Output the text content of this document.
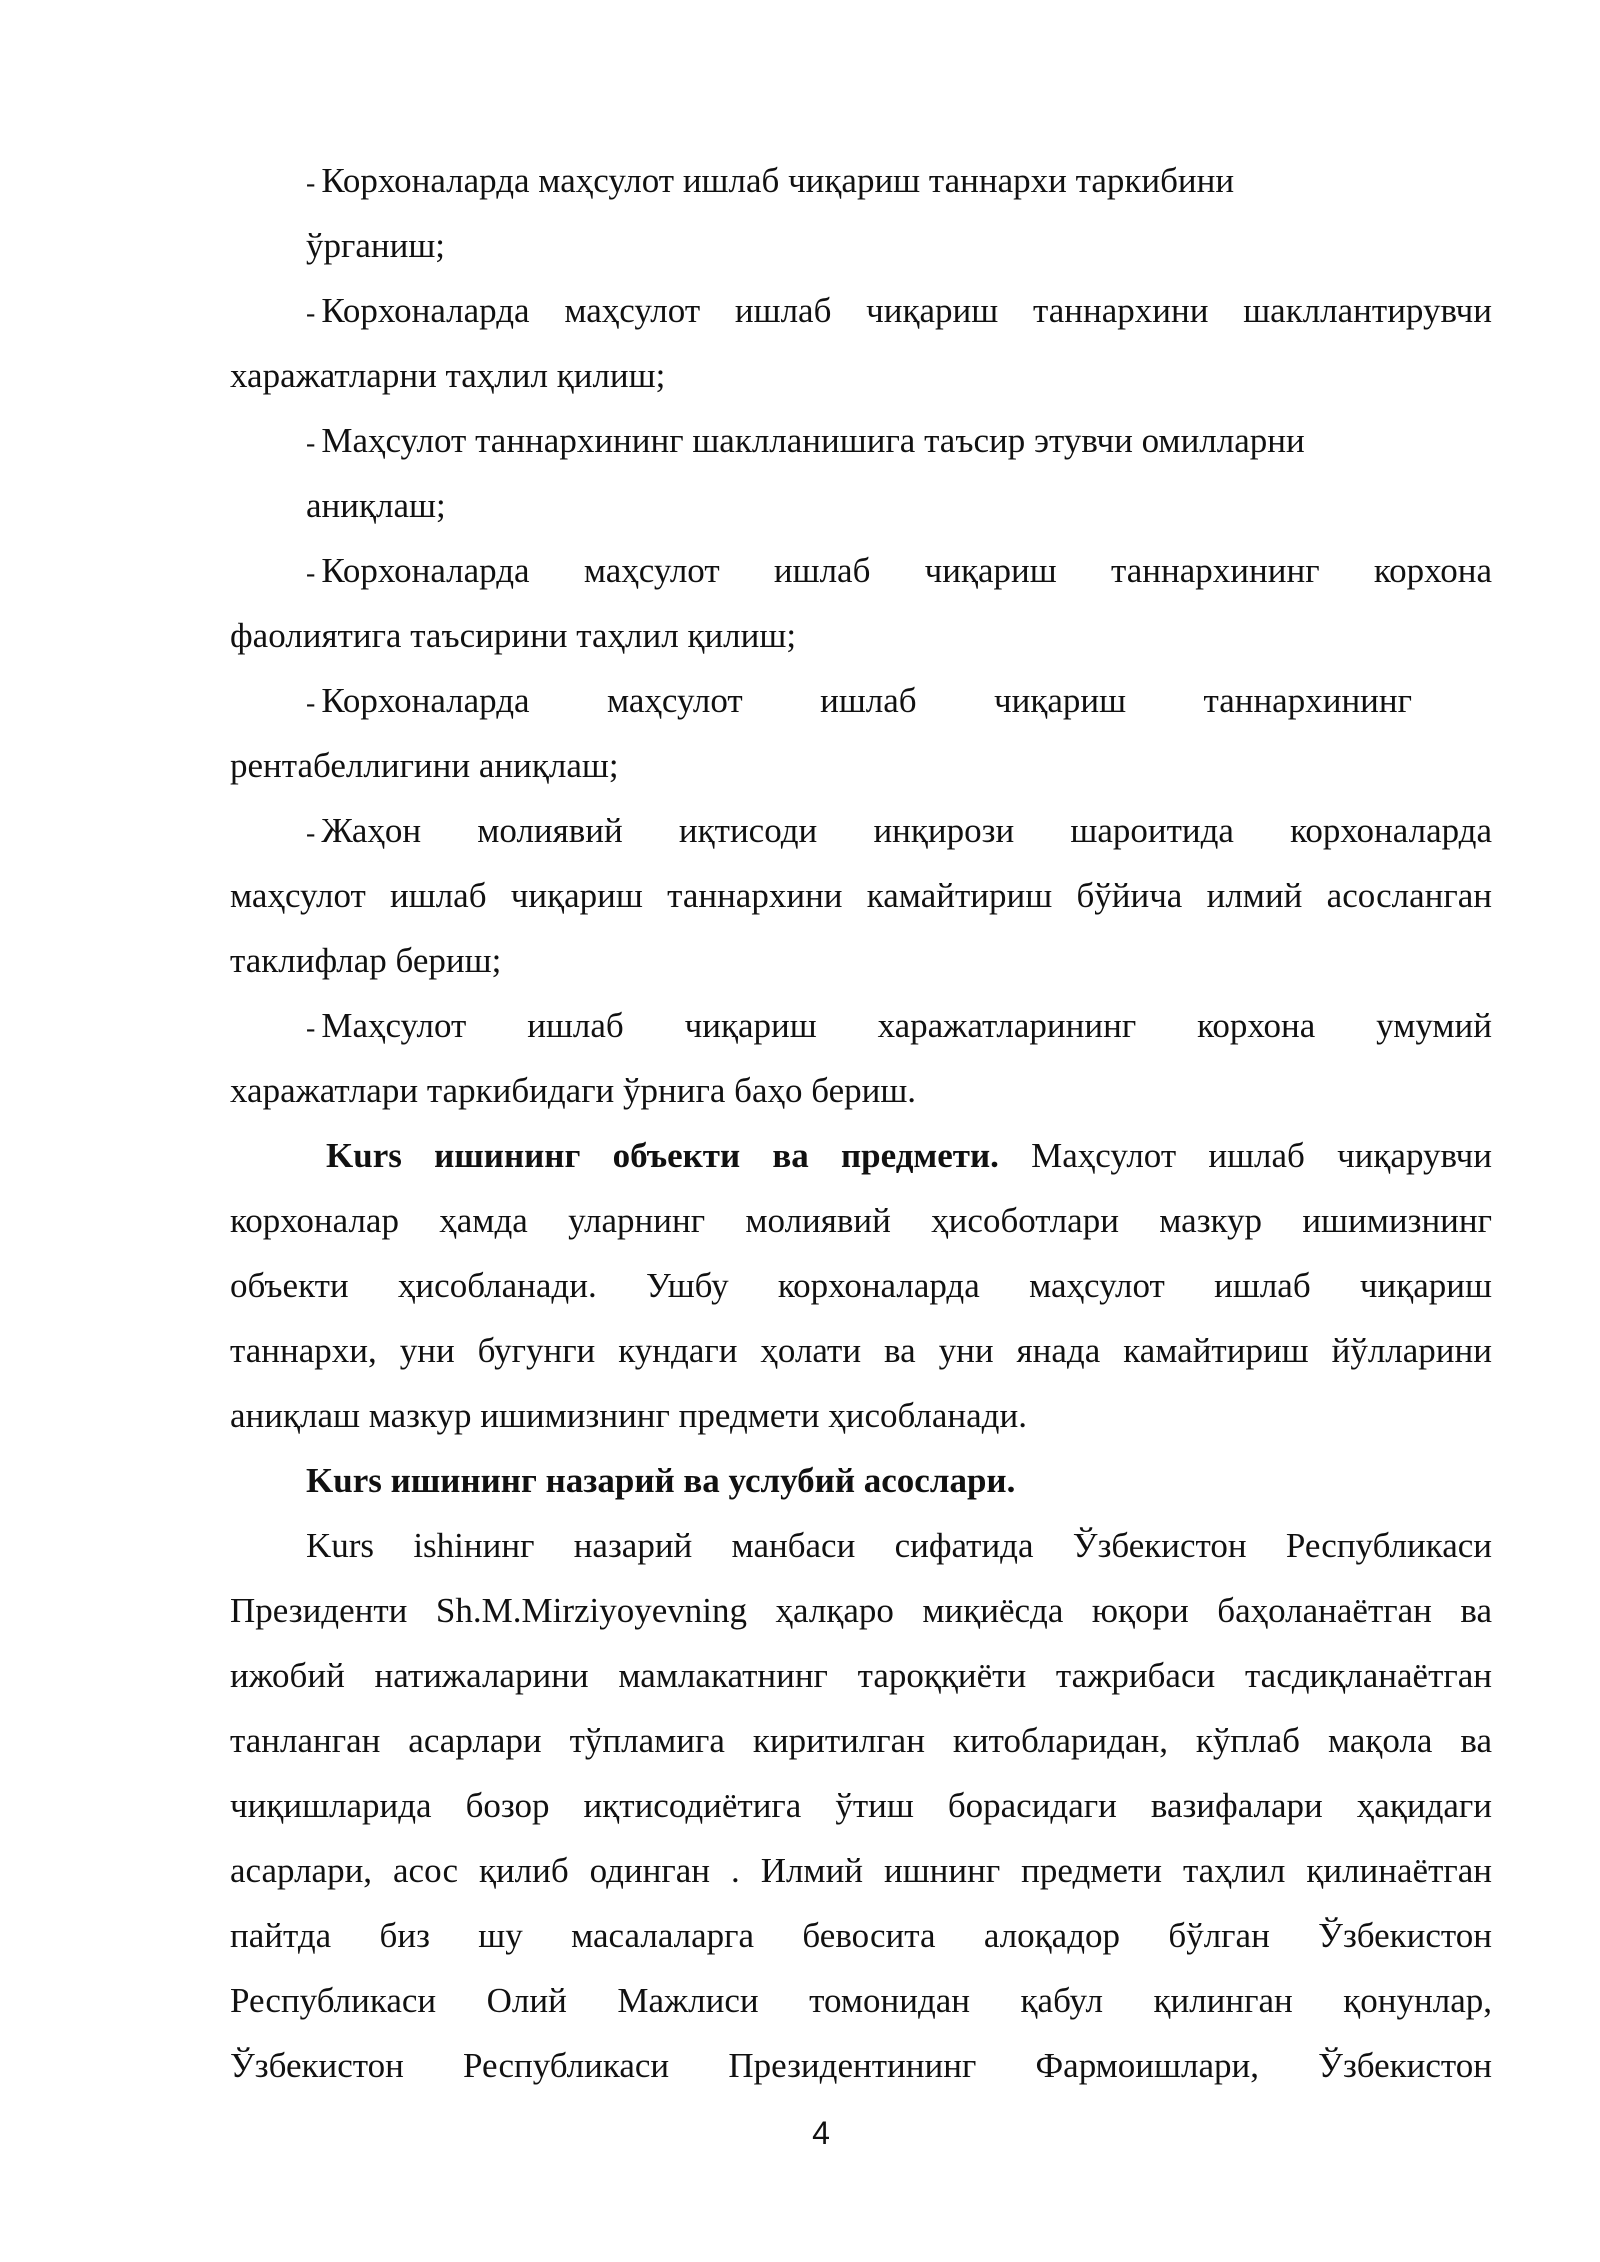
- Корхоналарда маҳсулот ишлаб чиқариш таннархи таркибини
ўрганиш;
- Корхоналарда маҳсулот ишлаб чиқариш таннархини шакллантирувчи
харажатларни таҳлил қилиш;
- Маҳсулот таннархининг шаклланишига таъсир этувчи омилларни
аниқлаш;
- Корхоналарда маҳсулот ишлаб чиқариш таннархининг корхона
фаолиятига таъсирини таҳлил қилиш;
- Корхоналарда маҳсулот ишлаб чиқариш таннархининг
рентабеллигини аниқлаш;
- Жаҳон молиявий иқтисоди инқирози шароитида корхоналарда
маҳсулот ишлаб чиқариш таннархини камайтириш бўйича илмий асосланган
таклифлар бериш;
- Маҳсулот ишлаб чиқариш харажатларининг корхона умумий
харажатлари таркибидаги ўрнига баҳо бериш.
Kurs ишининг объекти ва предмети. Маҳсулот ишлаб чиқарувчи
корхоналар ҳамда уларнинг молиявий ҳисоботлари мазкур ишимизнинг
объекти ҳисобланади. Ушбу корхоналарда маҳсулот ишлаб чиқариш
таннархи, уни бугунги кундаги ҳолати ва уни янада камайтириш йўлларини
аниқлаш мазкур ишимизнинг предмети ҳисобланади.
Kurs ишининг назарий ва услубий асослари.
Kurs ishiнинг назарий манбаси сифатида Ўзбекистон Республикаси
Президенти Sh.M.Mirziyoyevning ҳалқаро миқиёсда юқори баҳоланаётган ва
ижобий натижаларини мамлакатнинг тароққиёти тажрибаси тасдиқланаётган
танланган асарлари тўпламига киритилган китобларидан, кўплаб мақола ва
чиқишларида бозор иқтисодиётига ўтиш борасидаги вазифалари ҳақидаги
асарлари, асос қилиб одинган . Илмий ишнинг предмети таҳлил қилинаётган
пайтда биз шу масалаларга бевосита алоқадор бўлган Ўзбекистон
Республикаси Олий Мажлиси томонидан қабул қилинган қонунлар,
Ўзбекистон Республикаси Президентининг Фармоишлари, Ўзбекистон
4
